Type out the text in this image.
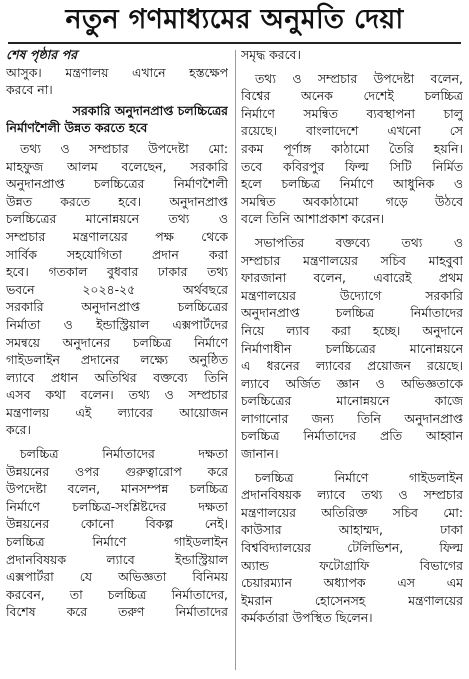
নতুন গণমাধ্যমের অনুমতি দেয়া
শেষ পৃষ্ঠার পর
আসুক। মন্ত্রণালয় এখানে হস্তক্ষেপ
করবে না।
সরকারি অনুদানপ্রাপ্ত চলচ্চিত্রের
নির্মাণশৈলী উন্নত করতে হবে
তথ্য ও সম্প্রচার উপদেষ্টা মো:
মাহফুজ আলম বলেছেন, সরকারি
অনুদানপ্রাপ্ত চলচ্চিত্রের নির্মাণশৈলী
উন্নত করতে হবে। অনুদানপ্রাপ্ত
চলচ্চিত্রের মানোন্নয়নে তথ্য ও
সম্প্রচার মন্ত্রণালয়ের পক্ষ থেকে
সার্বিক সহযোগিতা প্রদান করা
হবে। গতকাল বুধবার ঢাকার তথ্য
ভবনে ২০২৪-২৫ অর্থবছরে
সরকারি অনুদানপ্রাপ্ত চলচ্চিত্রের
নির্মাতা ও ইন্ডাস্ট্রিয়াল এক্সপার্টদের
সমন্বয়ে অনুদানের চলচ্চিত্র নির্মাণে
গাইডলাইন প্রদানের লক্ষ্যে অনুষ্ঠিত
ল্যাবে প্রধান অতিথির বক্তব্যে তিনি
এসব কথা বলেন। তথ্য ও সম্প্রচার
মন্ত্রণালয় এই ল্যাবের আয়োজন
করে।
চলচ্চিত্র নির্মাতাদের দক্ষতা
উন্নয়নের ওপর গুরুত্বারোপ করে
উপদেষ্টা বলেন, মানসম্পন্ন চলচ্চিত্র
নির্মাণে চলচ্চিত্র-সংশ্লিষ্টদের দক্ষতা
উন্নয়নের কোনো বিকল্প নেই।
চলচ্চিত্র নির্মাণে গাইডলাইন
প্রদানবিষয়ক ল্যাবে ইন্ডাস্ট্রিয়াল
এক্সপার্টরা যে অভিজ্ঞতা বিনিময়
করবেন, তা চলচ্চিত্র নির্মাতাদের,
বিশেষ করে তরুণ নির্মাতাদের
সমৃদ্ধ করবে।
তথ্য ও সম্প্রচার উপদেষ্টা বলেন,
বিশ্বের অনেক দেশেই চলচ্চিত্র
নির্মাণে সমন্বিত ব্যবস্থাপনা চালু
রয়েছে। বাংলাদেশে এখনো সে
রকম পূর্ণাঙ্গ কাঠামো তৈরি হয়নি।
তবে কবিরপুর ফিল্ম সিটি নির্মিত
হলে চলচ্চিত্র নির্মাণে আধুনিক ও
সমন্বিত অবকাঠামো গড়ে উঠবে
বলে তিনি আশাপ্রকাশ করেন।
সভাপতির বক্তব্যে তথ্য ও
সম্প্রচার মন্ত্রণালয়ের সচিব মাহবুবা
ফারজানা বলেন, এবারেই প্রথম
মন্ত্রণালয়ের উদ্যোগে সরকারি
অনুদানপ্রাপ্ত চলচ্চিত্র নির্মাতাদের
নিয়ে ল্যাব করা হচ্ছে। অনুদানে
নির্মাণাধীন চলচ্চিত্রের মানোন্নয়নে
এ ধরনের ল্যাবের প্রয়োজন রয়েছে।
ল্যাবে অর্জিত জ্ঞান ও অভিজ্ঞতাকে
চলচ্চিত্রের মানোন্নয়নে কাজে
লাগানোর জন্য তিনি অনুদানপ্রাপ্ত
চলচ্চিত্র নির্মাতাদের প্রতি আহ্বান
জানান।
চলচ্চিত্র নির্মাণে গাইডলাইন
প্রদানবিষয়ক ল্যাবে তথ্য ও সম্প্রচার
মন্ত্রণালয়ের অতিরিক্ত সচিব মো:
কাউসার আহাম্মদ, ঢাকা
বিশ্ববিদ্যালয়ের টেলিভিশন, ফিল্ম
অ্যান্ড ফটোগ্রাফি বিভাগের
চেয়ারম্যান অধ্যাপক এস এম
ইমরান হোসেনসহ মন্ত্রণালয়ের
কর্মকর্তারা উপস্থিত ছিলেন।
